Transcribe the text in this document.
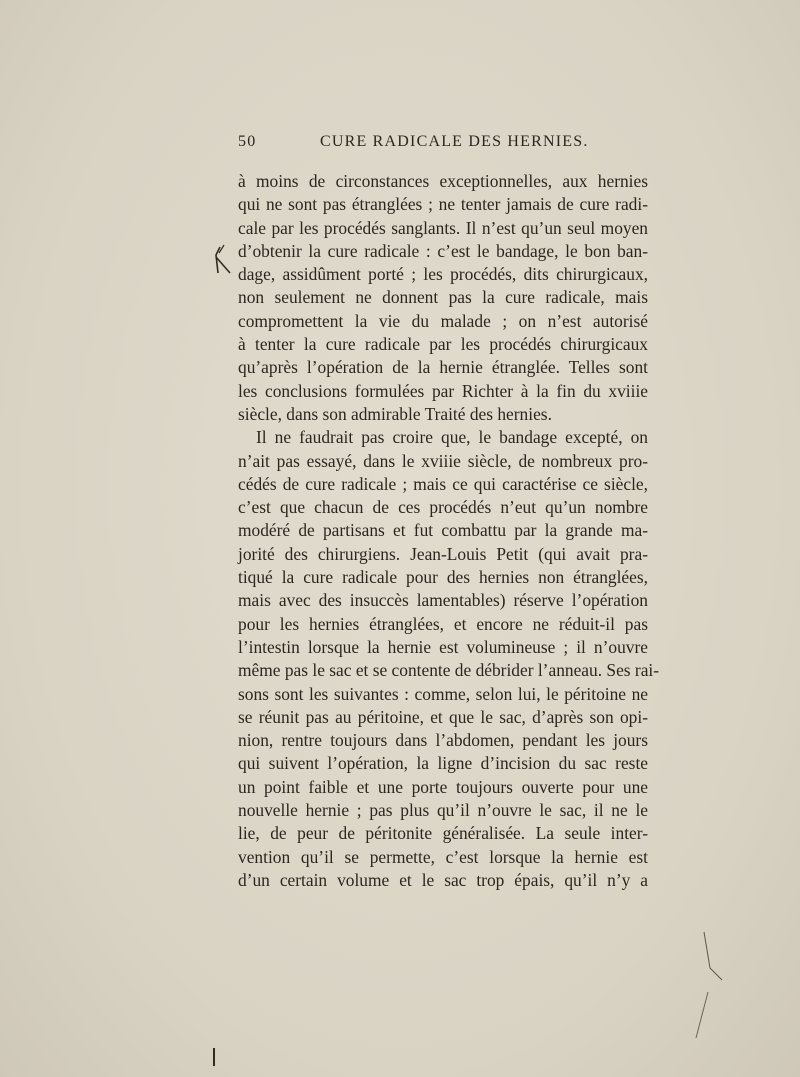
50	CURE RADICALE DES HERNIES.
à moins de circonstances exceptionnelles, aux hernies
qui ne sont pas étranglées ; ne tenter jamais de cure radi-
cale par les procédés sanglants. Il n’est qu’un seul moyen
d’obtenir la cure radicale : c’est le bandage, le bon ban-
dage, assidûment porté ; les procédés, dits chirurgicaux,
non seulement ne donnent pas la cure radicale, mais
compromettent la vie du malade ; on n’est autorisé
à tenter la cure radicale par les procédés chirurgicaux
qu’après l’opération de la hernie étranglée. Telles sont
les conclusions formulées par Richter à la fin du xviiie
siècle, dans son admirable Traité des hernies.
Il ne faudrait pas croire que, le bandage excepté, on
n’ait pas essayé, dans le xviiie siècle, de nombreux pro-
cédés de cure radicale ; mais ce qui caractérise ce siècle,
c’est que chacun de ces procédés n’eut qu’un nombre
modéré de partisans et fut combattu par la grande ma-
jorité des chirurgiens. Jean-Louis Petit (qui avait pra-
tiqué la cure radicale pour des hernies non étranglées,
mais avec des insuccès lamentables) réserve l’opération
pour les hernies étranglées, et encore ne réduit-il pas
l’intestin lorsque la hernie est volumineuse ; il n’ouvre
même pas le sac et se contente de débrider l’anneau. Ses rai-
sons sont les suivantes : comme, selon lui, le péritoine ne
se réunit pas au péritoine, et que le sac, d’après son opi-
nion, rentre toujours dans l’abdomen, pendant les jours
qui suivent l’opération, la ligne d’incision du sac reste
un point faible et une porte toujours ouverte pour une
nouvelle hernie ; pas plus qu’il n’ouvre le sac, il ne le
lie, de peur de péritonite généralisée. La seule inter-
vention qu’il se permette, c’est lorsque la hernie est
d’un certain volume et le sac trop épais, qu’il n’y a
